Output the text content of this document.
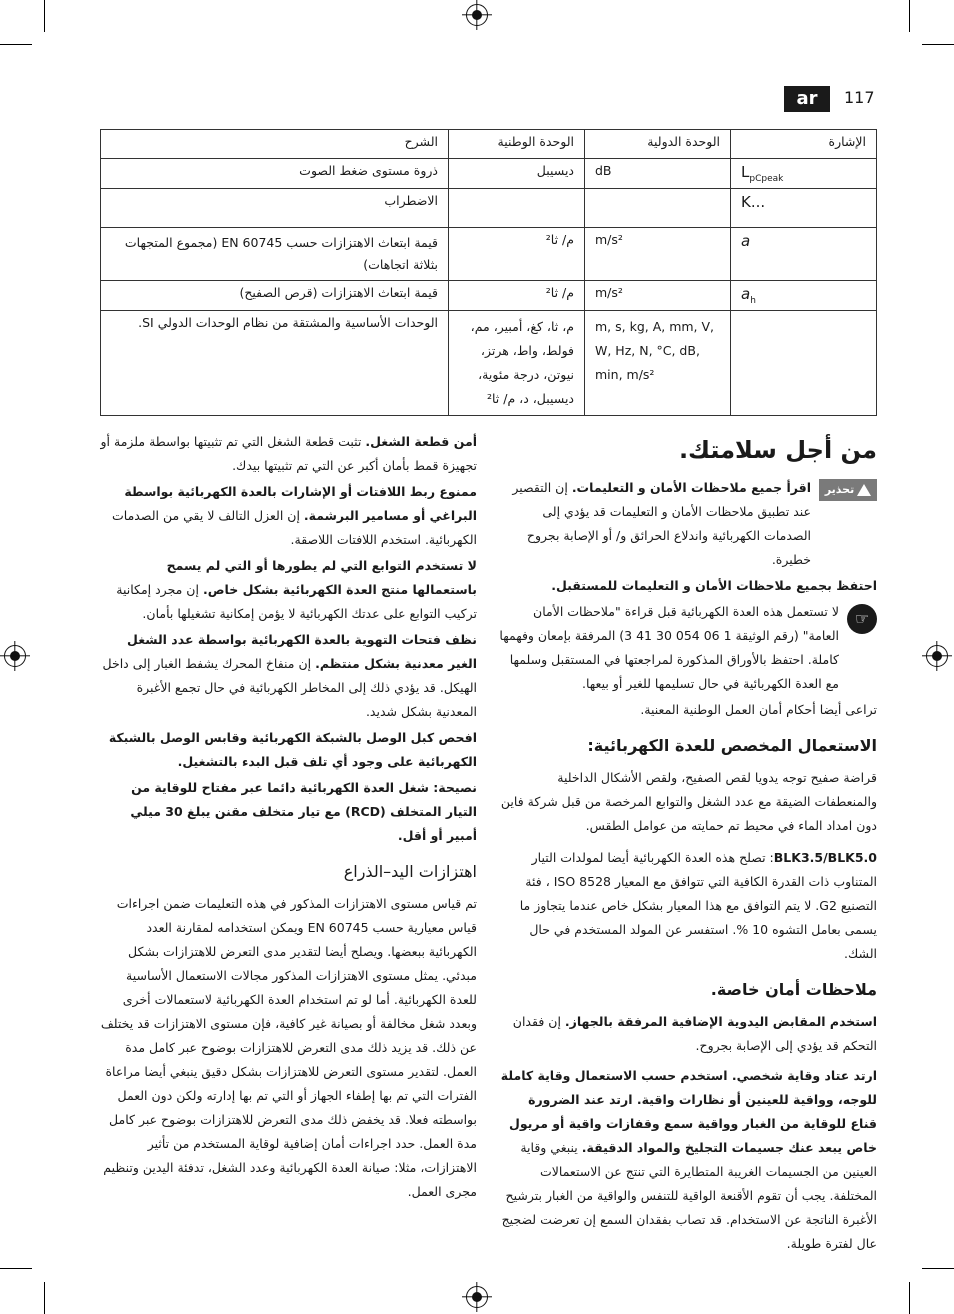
ar	117
الإشارة	الوحدة الدولية	الوحدة الوطنية	الشرح
$L_{pCpeak}$	dB	ديسيبل	ذروة مستوى ضغط الصوت
K...			الاضطراب
a	m/s²	م/ ثا²	قيمة ابتعاث الاهتزازات حسب EN 60745 (مجموع المتجهات بثلاثة اتجاهات)
$a_h$	m/s²	م/ ثا²	قيمة ابتعاث الاهتزازات (قرص الصفيح)
	m, s, kg, A, mm, V, W, Hz, N, °C, dB, min, m/s²	م، ثا، كغ، أمبير، مم، فولط، واط، هرتز، نيوتن، درجة مئوية، ديسيبل، د، م/ ثا²	الوحدات الأساسية والمشتقة من نظام الوحدات الدولي SI.
من أجل سلامتك.
تحذير

اقرأ جميع ملاحظات الأمان و التعليمات. إن التقصير عند تطبيق ملاحظات الأمان و التعليمات قد يؤدي إلى الصدمات الكهربائية واندلاع الحرائق و/ أو الإصابة بجروح خطيرة.

احتفظ بجميع ملاحظات الأمان و التعليمات للمستقبل.

☞

لا تستعمل هذه العدة الكهربائية قبل قراءة "ملاحظات الأمان العامة" (رقم الوثيقة 1 06 054 30 41 3) المرفقة بإمعان وفهمها كاملة. احتفظ بالأوراق المذكورة لمراجعتها في المستقبل وسلمها مع العدة الكهربائية في حال تسليمها للغير أو بيعها.

تراعى أيضا أحكام أمان العمل الوطنية المعنية.

الاستعمال المخصص للعدة الكهربائية:

قراضة صفيح توجه يدويا لقص الصفيح، ولقص الأشكال الداخلية والمنعطفات الضيقة مع عدد الشغل والتوابع المرخصة من قبل شركة فاين دون امداد الماء في محيط تم حمايته من عوامل الطقس.

BLK3.5/BLK5.0: تصلح هذه العدة الكهربائية أيضا لمولدات التيار المتناوب ذات القدرة الكافية التي تتوافق مع المعيار ISO 8528 ، فئة التصنيع G2. لا يتم التوافق مع هذا المعيار بشكل خاص عندما يتجاوز ما يسمى بعامل التشوه 10 %. استفسر عن المولد المستخدم في حال الشك.

ملاحظات أمان خاصة.

استخدم المقابض اليدوية الإضافية المرفقة بالجهاز. إن فقدان التحكم قد يؤدي إلى الإصابة بجروح.

ارتد عتاد وقاية شخصي. استخدم حسب الاستعمال وقاية كاملة للوجه، وواقية للعينين أو نظارات واقية. ارتد عند الضرورة قناع للوقاية من الغبار وواقية سمع وقفازات واقية أو مريول خاص يبعد عنك جسيمات التجليخ والمواد الدقيقة. ينبغي وقاية العينين من الجسيمات الغريبة المتطايرة التي تنتج عن الاستعمالات المختلفة. يجب أن تقوم الأقنعة الواقية للتنفس والواقية من الغبار بترشيح الأغبرة الناتجة عن الاستخدام. قد تصاب بفقدان السمع إن تعرضت لضجيج عال لفترة طويلة.

أمن قطعة الشغل. تثبت قطعة الشغل التي تم تثبيتها بواسطة ملزمة أو تجهيزة قمط بأمان أكبر عن التي تم تثبيتها بيدك.

ممنوع ربط اللافتات أو الإشارات بالعدة الكهربائية بواسطة البراغي أو مسامير البرشمة. إن العزل التالف لا يقي من الصدمات الكهربائية. استخدم اللافتات اللاصقة.

لا تستخدم التوابع التي لم يطورها أو التي لم يسمح باستعمالها منتج العدة الكهربائية بشكل خاص. إن مجرد إمكانية تركيب التوابع على عدتك الكهربائية لا يؤمن إمكانية تشغيلها بأمان.

نظف فتحات التهوية بالعدة الكهربائية بواسطة عدد الشغل الغير معدنية بشكل منتظم. إن منفاخ المحرك يشفط الغبار إلى داخل الهيكل. قد يؤدي ذلك إلى المخاطر الكهربائية في حال تجمع الأغبرة المعدنية بشكل شديد.

افحص كبل الوصل بالشبكة الكهربائية وقابس الوصل بالشبكة الكهربائية على وجود أي تلف قبل البدء بالتشغيل.

نصيحة: شغل العدة الكهربائية دائما عبر مفتاح للوقاية من التيار المتخلف (RCD) مع تيار متخلف مقنن يبلغ 30 ميلي أمبير أو أقل.

اهتزازات اليد–الذراع

تم قياس مستوى الاهتزازات المذكور في هذه التعليمات ضمن اجراءات قياس معيارية حسب EN 60745 ويمكن استخدامه لمقارنة العدد الكهربائية ببعضها. ويصلح أيضا لتقدير مدى التعرض للاهتزازات بشكل مبدئي. يمثل مستوى الاهتزازات المذكور مجالات الاستعمال الأساسية للعدة الكهربائية. أما لو تم استخدام العدة الكهربائية لاستعمالات أخرى وبعدد شغل مخالفة أو بصيانة غير كافية، فإن مستوى الاهتزازات قد يختلف عن ذلك. قد يزيد ذلك مدى التعرض للاهتزازات بوضوح عبر كامل مدة العمل. لتقدير مستوى التعرض للاهتزازات بشكل دقيق ينبغي أيضا مراعاة الفترات التي تم بها إطفاء الجهاز أو التي تم بها إدارته ولكن دون العمل بواسطته فعلا. قد يخفض ذلك مدى التعرض للاهتزازات بوضوح عبر كامل مدة العمل. حدد اجراءات أمان إضافية لوقاية المستخدم من تأثير الاهتزازات، مثلا: صيانة العدة الكهربائية وعدد الشغل، تدفئة اليدين وتنظيم مجرى العمل.
